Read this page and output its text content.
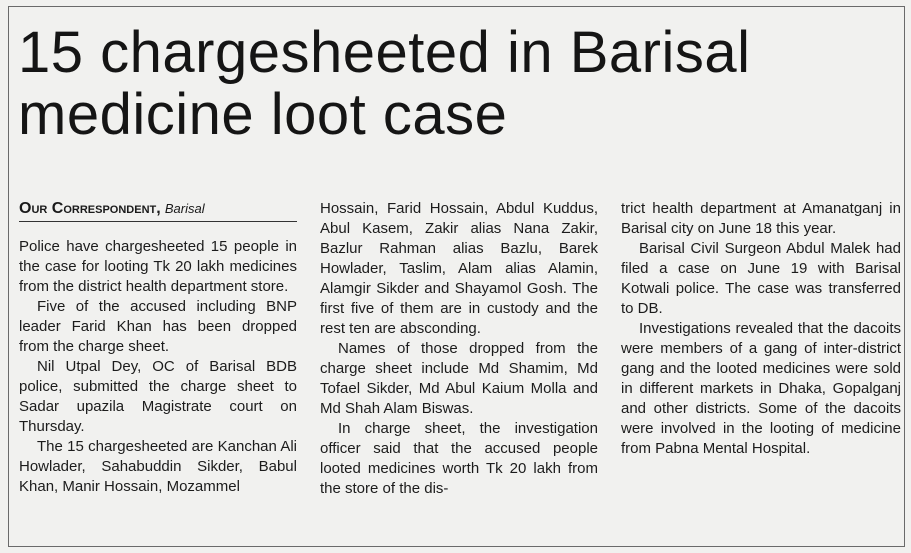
15 chargesheeted in Barisal medicine loot case
Our Correspondent, Barisal

Police have chargesheeted 15 people in the case for looting Tk 20 lakh medicines from the district health department store.

Five of the accused including BNP leader Farid Khan has been dropped from the charge sheet.

Nil Utpal Dey, OC of Barisal BDB police, submitted the charge sheet to Sadar upazila Magistrate court on Thursday.

The 15 chargesheeted are Kanchan Ali Howlader, Sahabuddin Sikder, Babul Khan, Manir Hossain, Mozammel

Hossain, Farid Hossain, Abdul Kuddus, Abul Kasem, Zakir alias Nana Zakir, Bazlur Rahman alias Bazlu, Barek Howlader, Taslim, Alam alias Alamin, Alamgir Sikder and Shayamol Gosh. The first five of them are in custody and the rest ten are absconding.

Names of those dropped from the charge sheet include Md Shamim, Md Tofael Sikder, Md Abul Kaium Molla and Md Shah Alam Biswas.

In charge sheet, the investigation officer said that the accused people looted medicines worth Tk 20 lakh from the store of the dis-

trict health department at Amanatganj in Barisal city on June 18 this year.

Barisal Civil Surgeon Abdul Malek had filed a case on June 19 with Barisal Kotwali police. The case was transferred to DB.

Investigations revealed that the dacoits were members of a gang of inter-district gang and the looted medicines were sold in different markets in Dhaka, Gopalganj and other districts. Some of the dacoits were involved in the looting of medicine from Pabna Mental Hospital.
